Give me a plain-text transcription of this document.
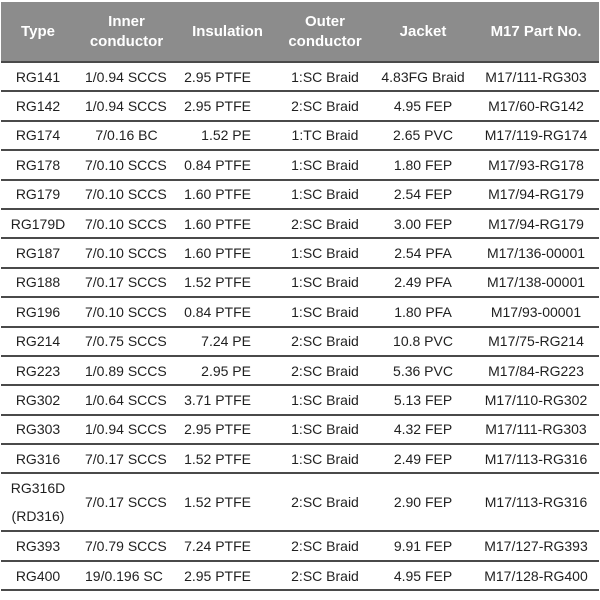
Type	Inner conductor	Insulation	Outer conductor	Jacket	M17 Part No.
RG141	1/0.94 SCCS	2.95 PTFE	1:SC Braid	4.83FG Braid	M17/111-RG303
RG142	1/0.94 SCCS	2.95 PTFE	2:SC Braid	4.95 FEP	M17/60-RG142
RG174	7/0.16 BC	1.52 PE	1:TC Braid	2.65 PVC	M17/119-RG174
RG178	7/0.10 SCCS	0.84 PTFE	1:SC Braid	1.80 FEP	M17/93-RG178
RG179	7/0.10 SCCS	1.60 PTFE	1:SC Braid	2.54 FEP	M17/94-RG179
RG179D	7/0.10 SCCS	1.60 PTFE	2:SC Braid	3.00 FEP	M17/94-RG179
RG187	7/0.10 SCCS	1.60 PTFE	1:SC Braid	2.54 PFA	M17/136-00001
RG188	7/0.17 SCCS	1.52 PTFE	1:SC Braid	2.49 PFA	M17/138-00001
RG196	7/0.10 SCCS	0.84 PTFE	1:SC Braid	1.80 PFA	M17/93-00001
RG214	7/0.75 SCCS	7.24 PE	2:SC Braid	10.8 PVC	M17/75-RG214
RG223	1/0.89 SCCS	2.95 PE	2:SC Braid	5.36 PVC	M17/84-RG223
RG302	1/0.64 SCCS	3.71 PTFE	1:SC Braid	5.13 FEP	M17/110-RG302
RG303	1/0.94 SCCS	2.95 PTFE	1:SC Braid	4.32 FEP	M17/111-RG303
RG316	7/0.17 SCCS	1.52 PTFE	1:SC Braid	2.49 FEP	M17/113-RG316
RG316D
(RD316)	7/0.17 SCCS	1.52 PTFE	2:SC Braid	2.90 FEP	M17/113-RG316
RG393	7/0.79 SCCS	7.24 PTFE	2:SC Braid	9.91 FEP	M17/127-RG393
RG400	19/0.196 SC	2.95 PTFE	2:SC Braid	4.95 FEP	M17/128-RG400
